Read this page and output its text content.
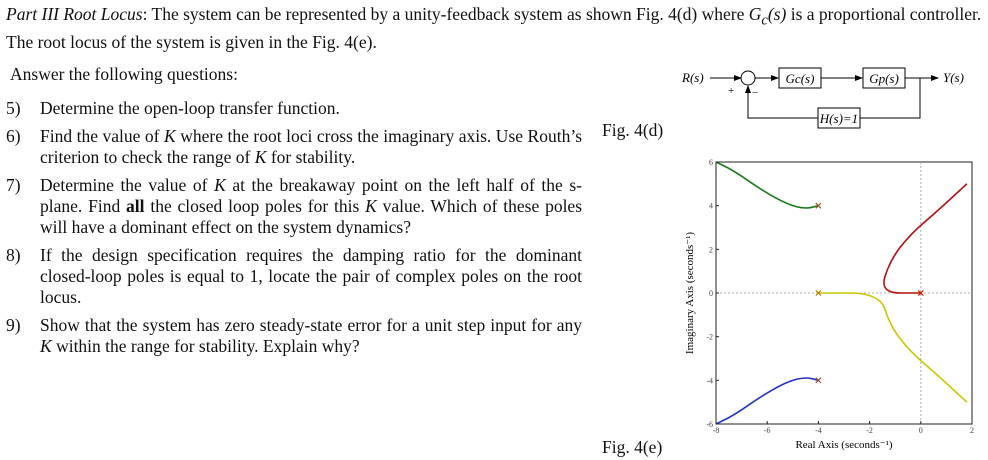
Part III Root Locus: The system can be represented by a unity-feedback system as shown Fig. 4(d) where $G_c(s)$ is a proportional controller. The root locus of the system is given in the Fig. 4(e).
Answer the following questions:
5) Determine the open-loop transfer function.
6) Find the value of K where the root loci cross the imaginary axis. Use Routh’s criterion to check the range of K for stability.
7) Determine the value of K at the breakaway point on the left half of the s-plane. Find all the closed loop poles for this K value. Which of these poles will have a dominant effect on the system dynamics?
8) If the design specification requires the damping ratio for the dominant closed-loop poles is equal to 1, locate the pair of complex poles on the root locus.
9) Show that the system has zero steady-state error for a unit step input for any K within the range for stability. Explain why?
Fig. 4(d)
Fig. 4(e)
R(s)
+ −
Gc(s)	Gp(s)	Y(s)
H(s)=1
-8	-6	-4	-2	0	2
-6
-4
-2
0
2
4
6
Real Axis (seconds⁻¹)
Imaginary Axis (seconds⁻¹)
